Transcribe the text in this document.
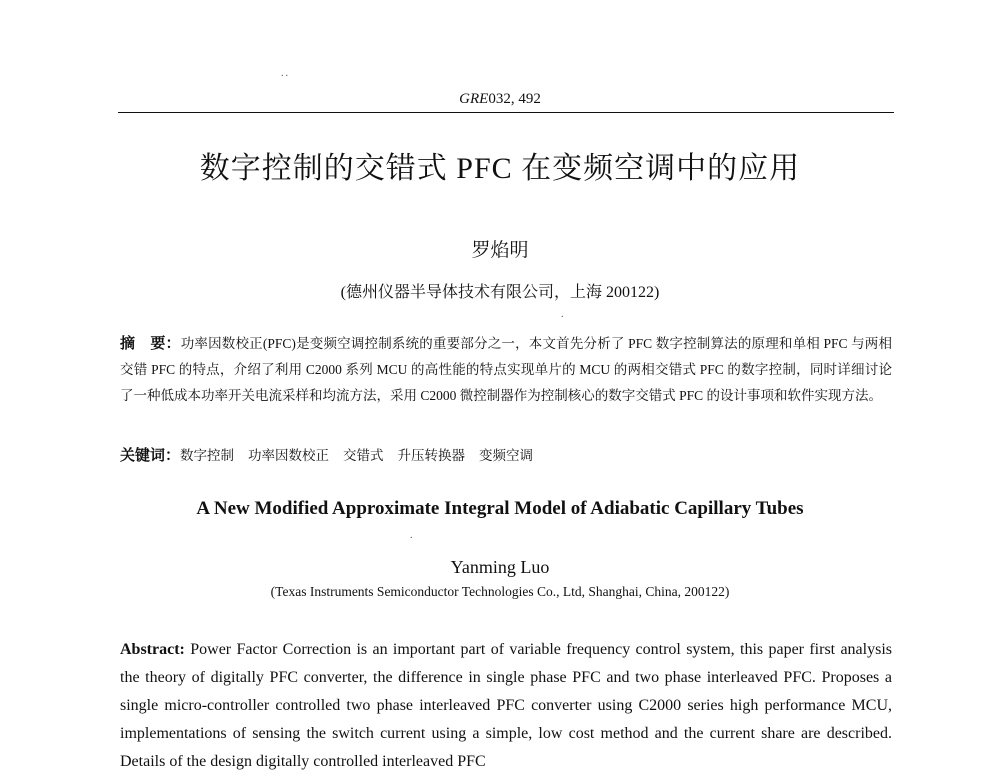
..
GRE032, 492
数字控制的交错式 PFC 在变频空调中的应用
罗焰明
(德州仪器半导体技术有限公司，上海 200122)
.
摘　要：功率因数校正(PFC)是变频空调控制系统的重要部分之一，本文首先分析了 PFC 数字控制算法的原理和单相 PFC 与两相交错 PFC 的特点，介绍了利用 C2000 系列 MCU 的高性能的特点实现单片的 MCU 的两相交错式 PFC 的数字控制，同时详细讨论了一种低成本功率开关电流采样和均流方法，采用 C2000 微控制器作为控制核心的数字交错式 PFC 的设计事项和软件实现方法。
关键词：数字控制 功率因数校正 交错式 升压转换器 变频空调
A New Modified Approximate Integral Model of Adiabatic Capillary Tubes
.
Yanming Luo
(Texas Instruments Semiconductor Technologies Co., Ltd, Shanghai, China, 200122)
Abstract: Power Factor Correction is an important part of variable frequency control system, this paper first analysis the theory of digitally PFC converter, the difference in single phase PFC and two phase interleaved PFC. Proposes a single micro-controller controlled two phase interleaved PFC converter using C2000 series high performance MCU, implementations of sensing the switch current using a simple, low cost method and the current share are described. Details of the design digitally controlled interleaved PFC
